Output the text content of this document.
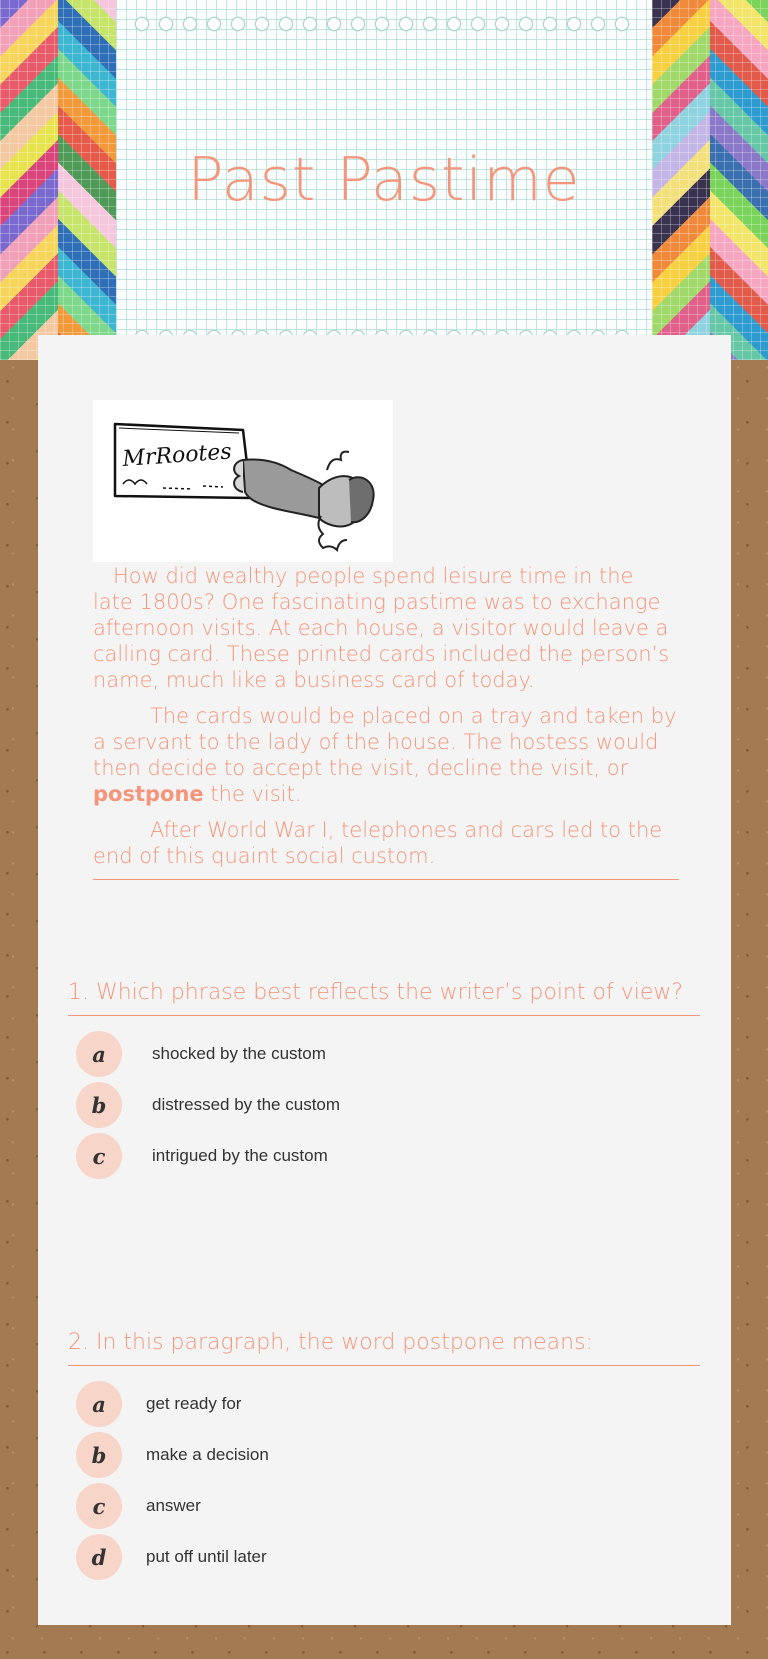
Past Pastime
MrRootes

How did wealthy people spend leisure time in the late 1800s? One fascinating pastime was to exchange afternoon visits. At each house, a visitor would leave a calling card. These printed cards included the person’s name, much like a business card of today.

The cards would be placed on a tray and taken by a servant to the lady of the house. The hostess would then decide to accept the visit, decline the visit, or postpone the visit.

After World War I, telephones and cars led to the end of this quaint social custom.

1. Which phrase best reflects the writer’s point of view?
a	shocked by the custom
b	distressed by the custom
c	intrigued by the custom
2. In this paragraph, the word postpone means:
a	get ready for
b	make a decision
c	answer
d	put off until later
